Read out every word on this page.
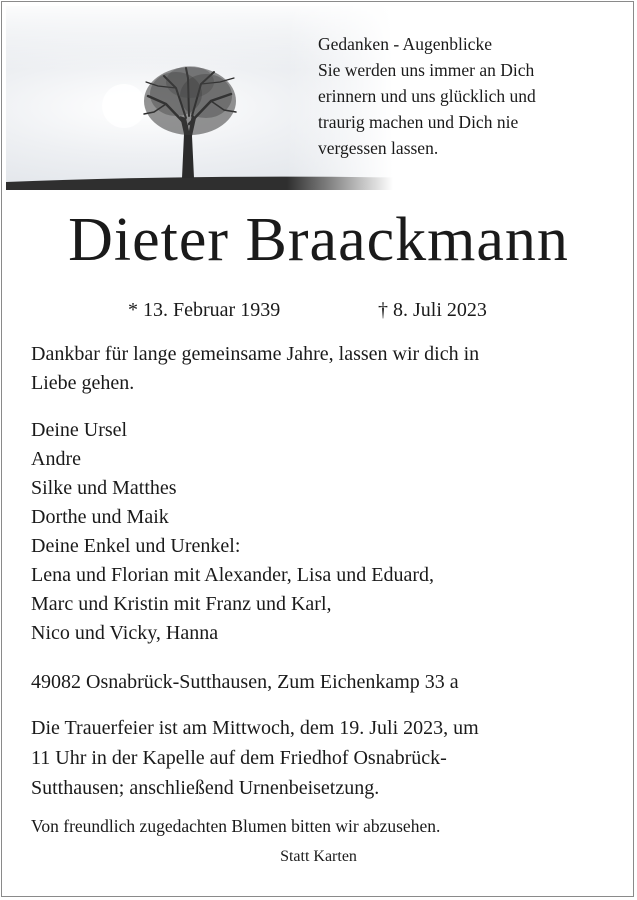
Gedanken - Augenblicke
Sie werden uns immer an Dich
erinnern und uns glücklich und
traurig machen und Dich nie
vergessen lassen.
Dieter Braackmann
* 13. Februar 1939	† 8. Juli 2023
Dankbar für lange gemeinsame Jahre, lassen wir dich in
Liebe gehen.
Deine Ursel
Andre
Silke und Matthes
Dorthe und Maik
Deine Enkel und Urenkel:
Lena und Florian mit Alexander, Lisa und Eduard,
Marc und Kristin mit Franz und Karl,
Nico und Vicky, Hanna
49082 Osnabrück-Sutthausen, Zum Eichenkamp 33 a
Die Trauerfeier ist am Mittwoch, dem 19. Juli 2023, um
11 Uhr in der Kapelle auf dem Friedhof Osnabrück-
Sutthausen; anschließend Urnenbeisetzung.
Von freundlich zugedachten Blumen bitten wir abzusehen.
Statt Karten
